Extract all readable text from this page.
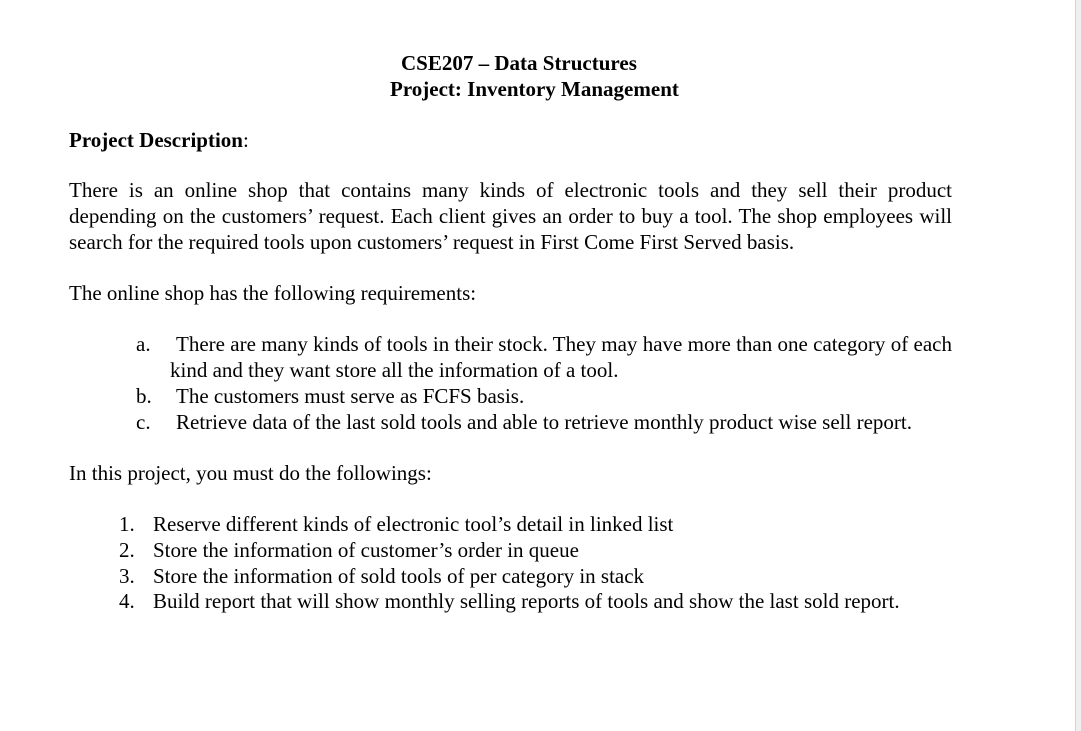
CSE207 – Data Structures
Project: Inventory Management
Project Description:

There is an online shop that contains many kinds of electronic tools and they sell their product depending on the customers’ request. Each client gives an order to buy a tool. The shop employees will search for the required tools upon customers’ request in First Come First Served basis.

The online shop has the following requirements:

a. There are many kinds of tools in their stock. They may have more than one category of each kind and they want store all the information of a tool.
b. The customers must serve as FCFS basis.
c. Retrieve data of the last sold tools and able to retrieve monthly product wise sell report.

In this project, you must do the followings:

1. Reserve different kinds of electronic tool’s detail in linked list
2. Store the information of customer’s order in queue
3. Store the information of sold tools of per category in stack
4. Build report that will show monthly selling reports of tools and show the last sold report.
